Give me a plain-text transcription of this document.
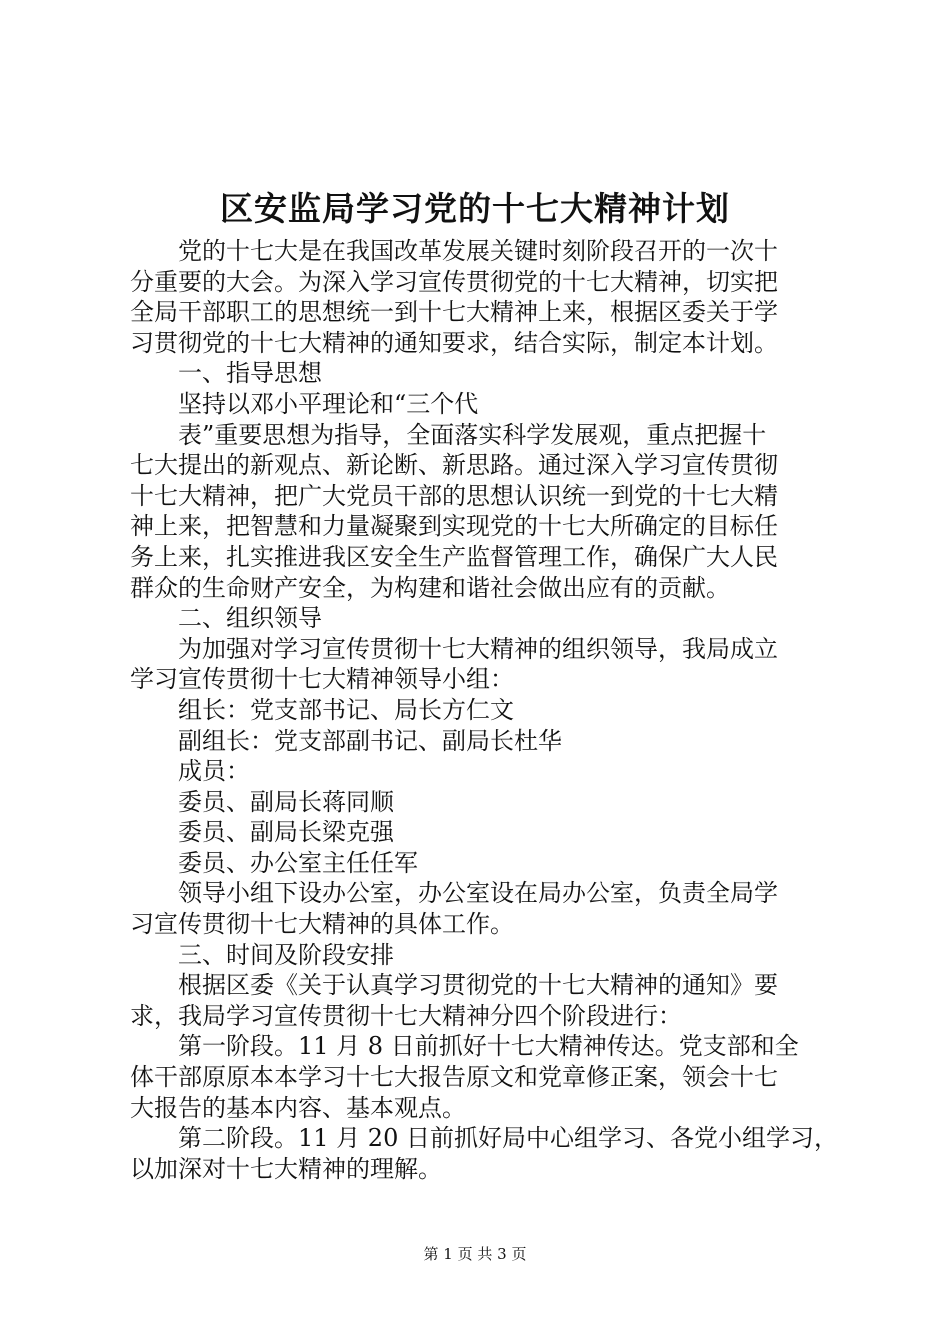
区安监局学习党的十七大精神计划
党的十七大是在我国改革发展关键时刻阶段召开的一次十
分重要的大会。为深入学习宣传贯彻党的十七大精神，切实把
全局干部职工的思想统一到十七大精神上来，根据区委关于学
习贯彻党的十七大精神的通知要求，结合实际，制定本计划。
一、指导思想
坚持以邓小平理论和“三个代
表”重要思想为指导，全面落实科学发展观，重点把握十
七大提出的新观点、新论断、新思路。通过深入学习宣传贯彻
十七大精神，把广大党员干部的思想认识统一到党的十七大精
神上来，把智慧和力量凝聚到实现党的十七大所确定的目标任
务上来，扎实推进我区安全生产监督管理工作，确保广大人民
群众的生命财产安全，为构建和谐社会做出应有的贡献。
二、组织领导
为加强对学习宣传贯彻十七大精神的组织领导，我局成立
学习宣传贯彻十七大精神领导小组：
组长：党支部书记、局长方仁文
副组长：党支部副书记、副局长杜华
成员：
委员、副局长蒋同顺
委员、副局长梁克强
委员、办公室主任任军
领导小组下设办公室，办公室设在局办公室，负责全局学
习宣传贯彻十七大精神的具体工作。
三、时间及阶段安排
根据区委《关于认真学习贯彻党的十七大精神的通知》要
求，我局学习宣传贯彻十七大精神分四个阶段进行：
第一阶段。11 月 8 日前抓好十七大精神传达。党支部和全
体干部原原本本学习十七大报告原文和党章修正案，领会十七
大报告的基本内容、基本观点。
第二阶段。11 月 20 日前抓好局中心组学习、各党小组学习，
以加深对十七大精神的理解。
第 1 页 共 3 页
